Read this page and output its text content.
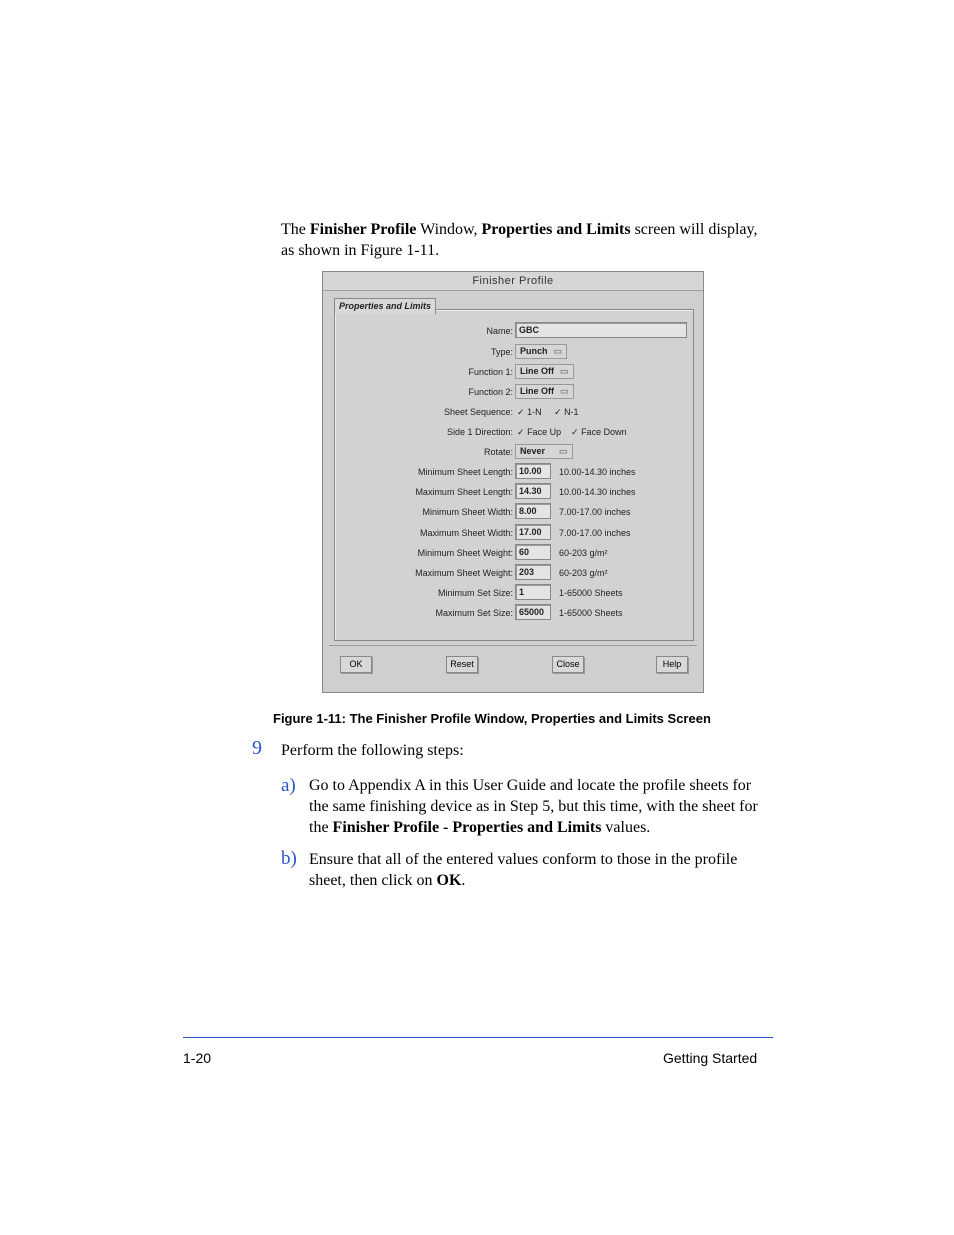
The Finisher Profile Window, Properties and Limits screen will display, as shown in Figure 1-11.
Finisher Profile
Properties and Limits
Name: GBC
Type: Punch ▭
Function 1: Line Off ▭
Function 2: Line Off ▭
Sheet Sequence: ✓ 1-N ✓ N-1
Side 1 Direction: ✓ Face Up ✓ Face Down
Rotate: Never ▭
Minimum Sheet Length: 10.00	10.00-14.30 inches
Maximum Sheet Length: 14.30	10.00-14.30 inches
Minimum Sheet Width: 8.00	7.00-17.00 inches
Maximum Sheet Width: 17.00	7.00-17.00 inches
Minimum Sheet Weight: 60	60-203 g/m²
Maximum Sheet Weight: 203	60-203 g/m²
Minimum Set Size: 1	1-65000 Sheets
Maximum Set Size: 65000	1-65000 Sheets
OK	Reset	Close	Help
Figure 1-11: The Finisher Profile Window, Properties and Limits Screen
9 Perform the following steps:
a) Go to Appendix A in this User Guide and locate the profile sheets for the same finishing device as in Step 5, but this time, with the sheet for the Finisher Profile - Properties and Limits values.
b) Ensure that all of the entered values conform to those in the profile sheet, then click on OK.
1-20	Getting Started
